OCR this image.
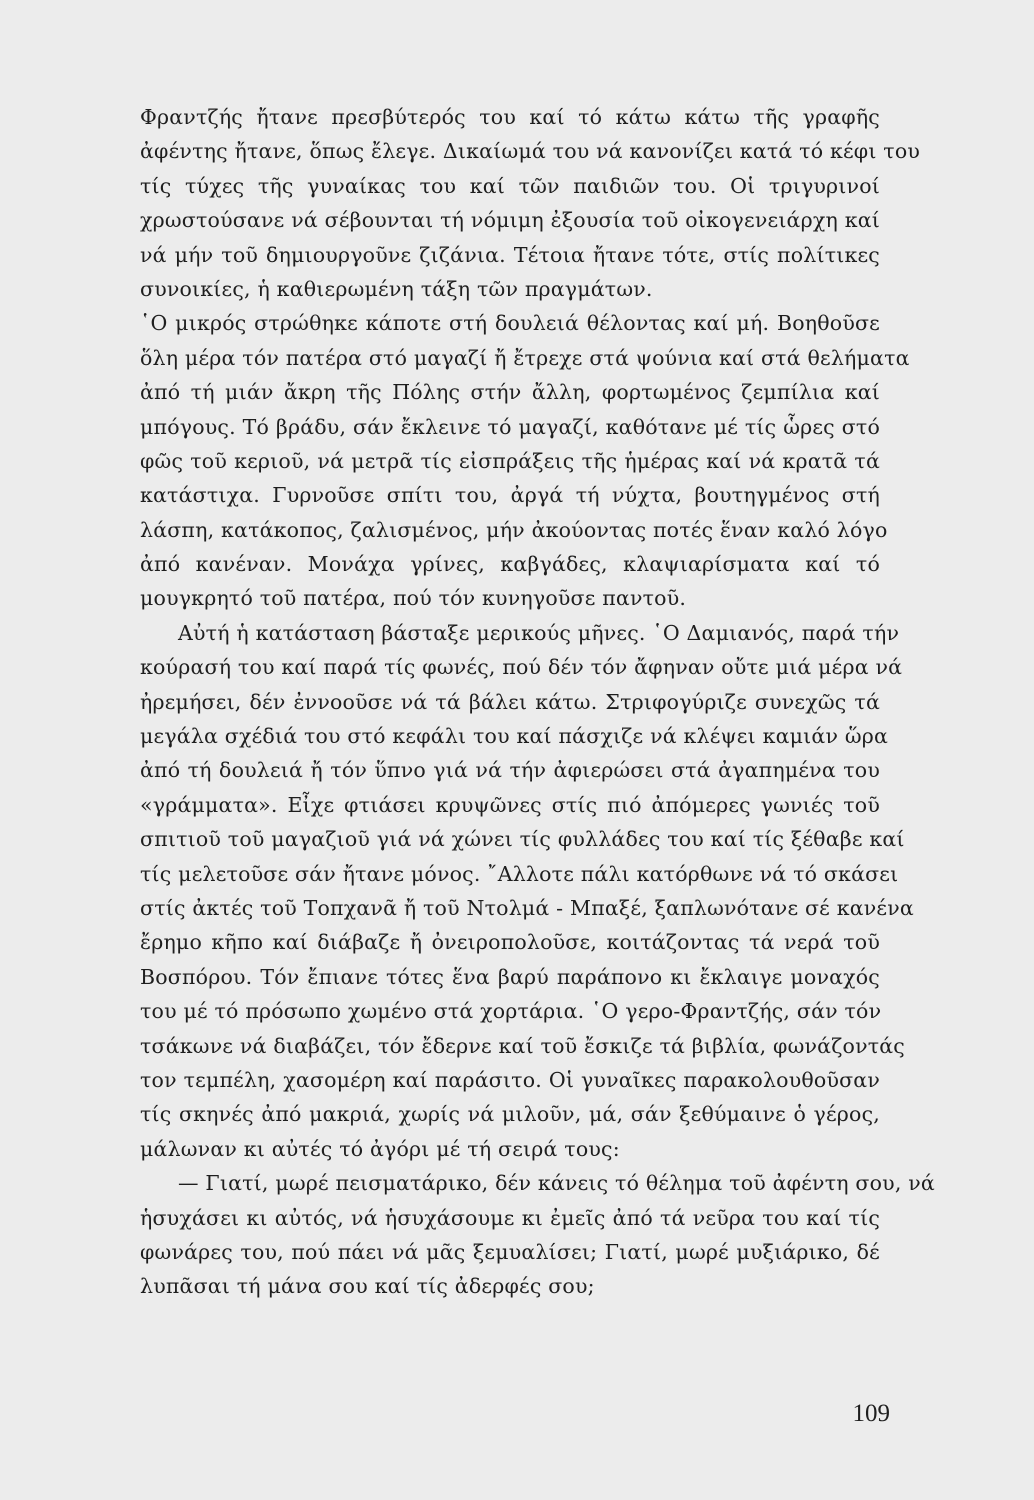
Φραντζής ἤτανε πρεσβύτερός του καί τό κάτω κάτω τῆς γραφῆς
ἀφέντης ἤτανε, ὅπως ἔλεγε. Δικαίωμά του νά κανονίζει κατά τό κέφι του
τίς τύχες τῆς γυναίκας του καί τῶν παιδιῶν του. Οἱ τριγυρινοί
χρωστούσανε νά σέβουνται τή νόμιμη ἐξουσία τοῦ οἰκογενειάρχη καί
νά μήν τοῦ δημιουργοῦνε ζιζάνια. Τέτοια ἤτανε τότε, στίς πολίτικες
συνοικίες, ἡ καθιερωμένη τάξη τῶν πραγμάτων.
῾Ο μικρός στρώθηκε κάποτε στή δουλειά θέλοντας καί μή. Βοηθοῦσε
ὅλη μέρα τόν πατέρα στό μαγαζί ἤ ἔτρεχε στά ψούνια καί στά θελήματα
ἀπό τή μιάν ἄκρη τῆς Πόλης στήν ἄλλη, φορτωμένος ζεμπίλια καί
μπόγους. Τό βράδυ, σάν ἔκλεινε τό μαγαζί, καθότανε μέ τίς ὧρες στό
φῶς τοῦ κεριοῦ, νά μετρᾶ τίς εἰσπράξεις τῆς ἡμέρας καί νά κρατᾶ τά
κατάστιχα. Γυρνοῦσε σπίτι του, ἀργά τή νύχτα, βουτηγμένος στή
λάσπη, κατάκοπος, ζαλισμένος, μήν ἀκούοντας ποτές ἕναν καλό λόγο
ἀπό κανέναν. Μονάχα γρίνες, καβγάδες, κλαψιαρίσματα καί τό
μουγκρητό τοῦ πατέρα, πού τόν κυνηγοῦσε παντοῦ.
Αὐτή ἡ κατάσταση βάσταξε μερικούς μῆνες. ῾Ο Δαμιανός, παρά τήν
κούρασή του καί παρά τίς φωνές, πού δέν τόν ἄφηναν οὔτε μιά μέρα νά
ἠρεμήσει, δέν ἐννοοῦσε νά τά βάλει κάτω. Στριφογύριζε συνεχῶς τά
μεγάλα σχέδιά του στό κεφάλι του καί πάσχιζε νά κλέψει καμιάν ὥρα
ἀπό τή δουλειά ἤ τόν ὕπνο γιά νά τήν ἀφιερώσει στά ἀγαπημένα του
«γράμματα». Εἶχε φτιάσει κρυψῶνες στίς πιό ἀπόμερες γωνιές τοῦ
σπιτιοῦ τοῦ μαγαζιοῦ γιά νά χώνει τίς φυλλάδες του καί τίς ξέθαβε καί
τίς μελετοῦσε σάν ἤτανε μόνος. ῎Αλλοτε πάλι κατόρθωνε νά τό σκάσει
στίς ἀκτές τοῦ Τοπχανᾶ ἤ τοῦ Ντολμά - Μπαξέ, ξαπλωνότανε σέ κανένα
ἔρημο κῆπο καί διάβαζε ἤ ὀνειροπολοῦσε, κοιτάζοντας τά νερά τοῦ
Βοσπόρου. Τόν ἔπιανε τότες ἕνα βαρύ παράπονο κι ἔκλαιγε μοναχός
του μέ τό πρόσωπο χωμένο στά χορτάρια. ῾Ο γερο-Φραντζής, σάν τόν
τσάκωνε νά διαβάζει, τόν ἔδερνε καί τοῦ ἔσκιζε τά βιβλία, φωνάζοντάς
τον τεμπέλη, χασομέρη καί παράσιτο. Οἱ γυναῖκες παρακολουθοῦσαν
τίς σκηνές ἀπό μακριά, χωρίς νά μιλοῦν, μά, σάν ξεθύμαινε ὁ γέρος,
μάλωναν κι αὐτές τό ἀγόρι μέ τή σειρά τους:
— Γιατί, μωρέ πεισματάρικο, δέν κάνεις τό θέλημα τοῦ ἀφέντη σου, νά
ἡσυχάσει κι αὐτός, νά ἡσυχάσουμε κι ἐμεῖς ἀπό τά νεῦρα του καί τίς
φωνάρες του, πού πάει νά μᾶς ξεμυαλίσει; Γιατί, μωρέ μυξιάρικο, δέ
λυπᾶσαι τή μάνα σου καί τίς ἀδερφές σου;
109
